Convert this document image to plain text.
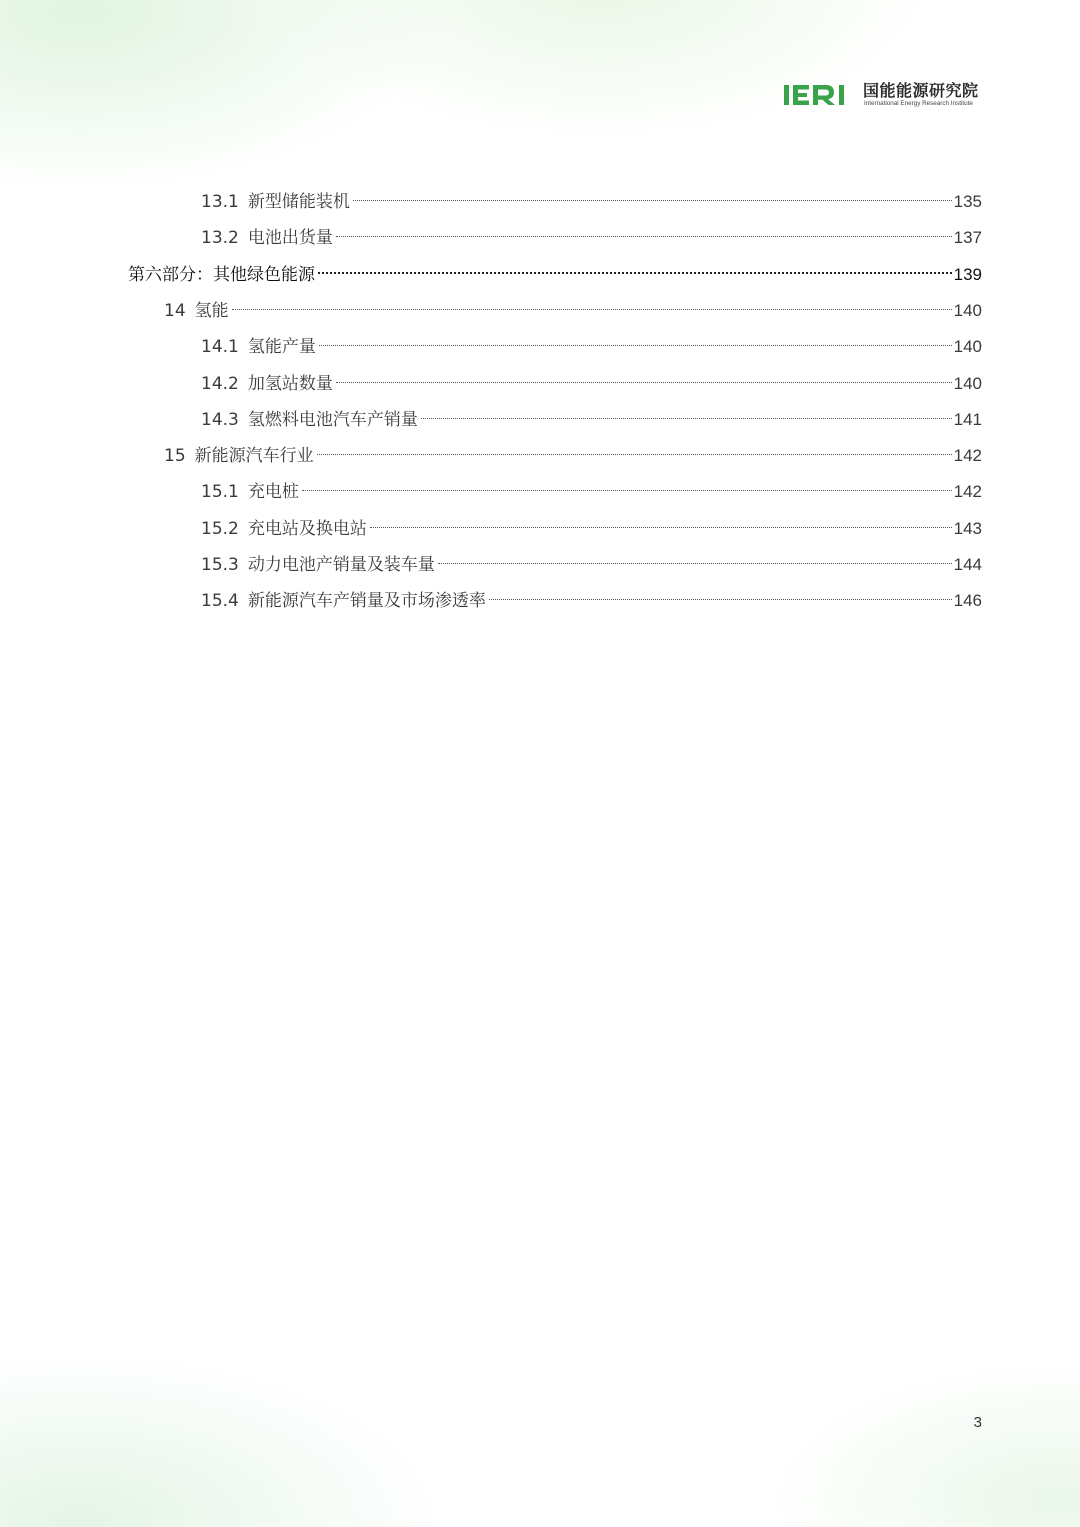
IERI	国能能源研究院
International Energy Research Institute
13.1 新型储能装机	135
13.2 电池出货量	137
第六部分： 其他绿色能源	139
14 氢能	140
14.1 氢能产量	140
14.2 加氢站数量	140
14.3 氢燃料电池汽车产销量	141
15 新能源汽车行业	142
15.1 充电桩	142
15.2 充电站及换电站	143
15.3 动力电池产销量及装车量	144
15.4 新能源汽车产销量及市场渗透率	146
3
